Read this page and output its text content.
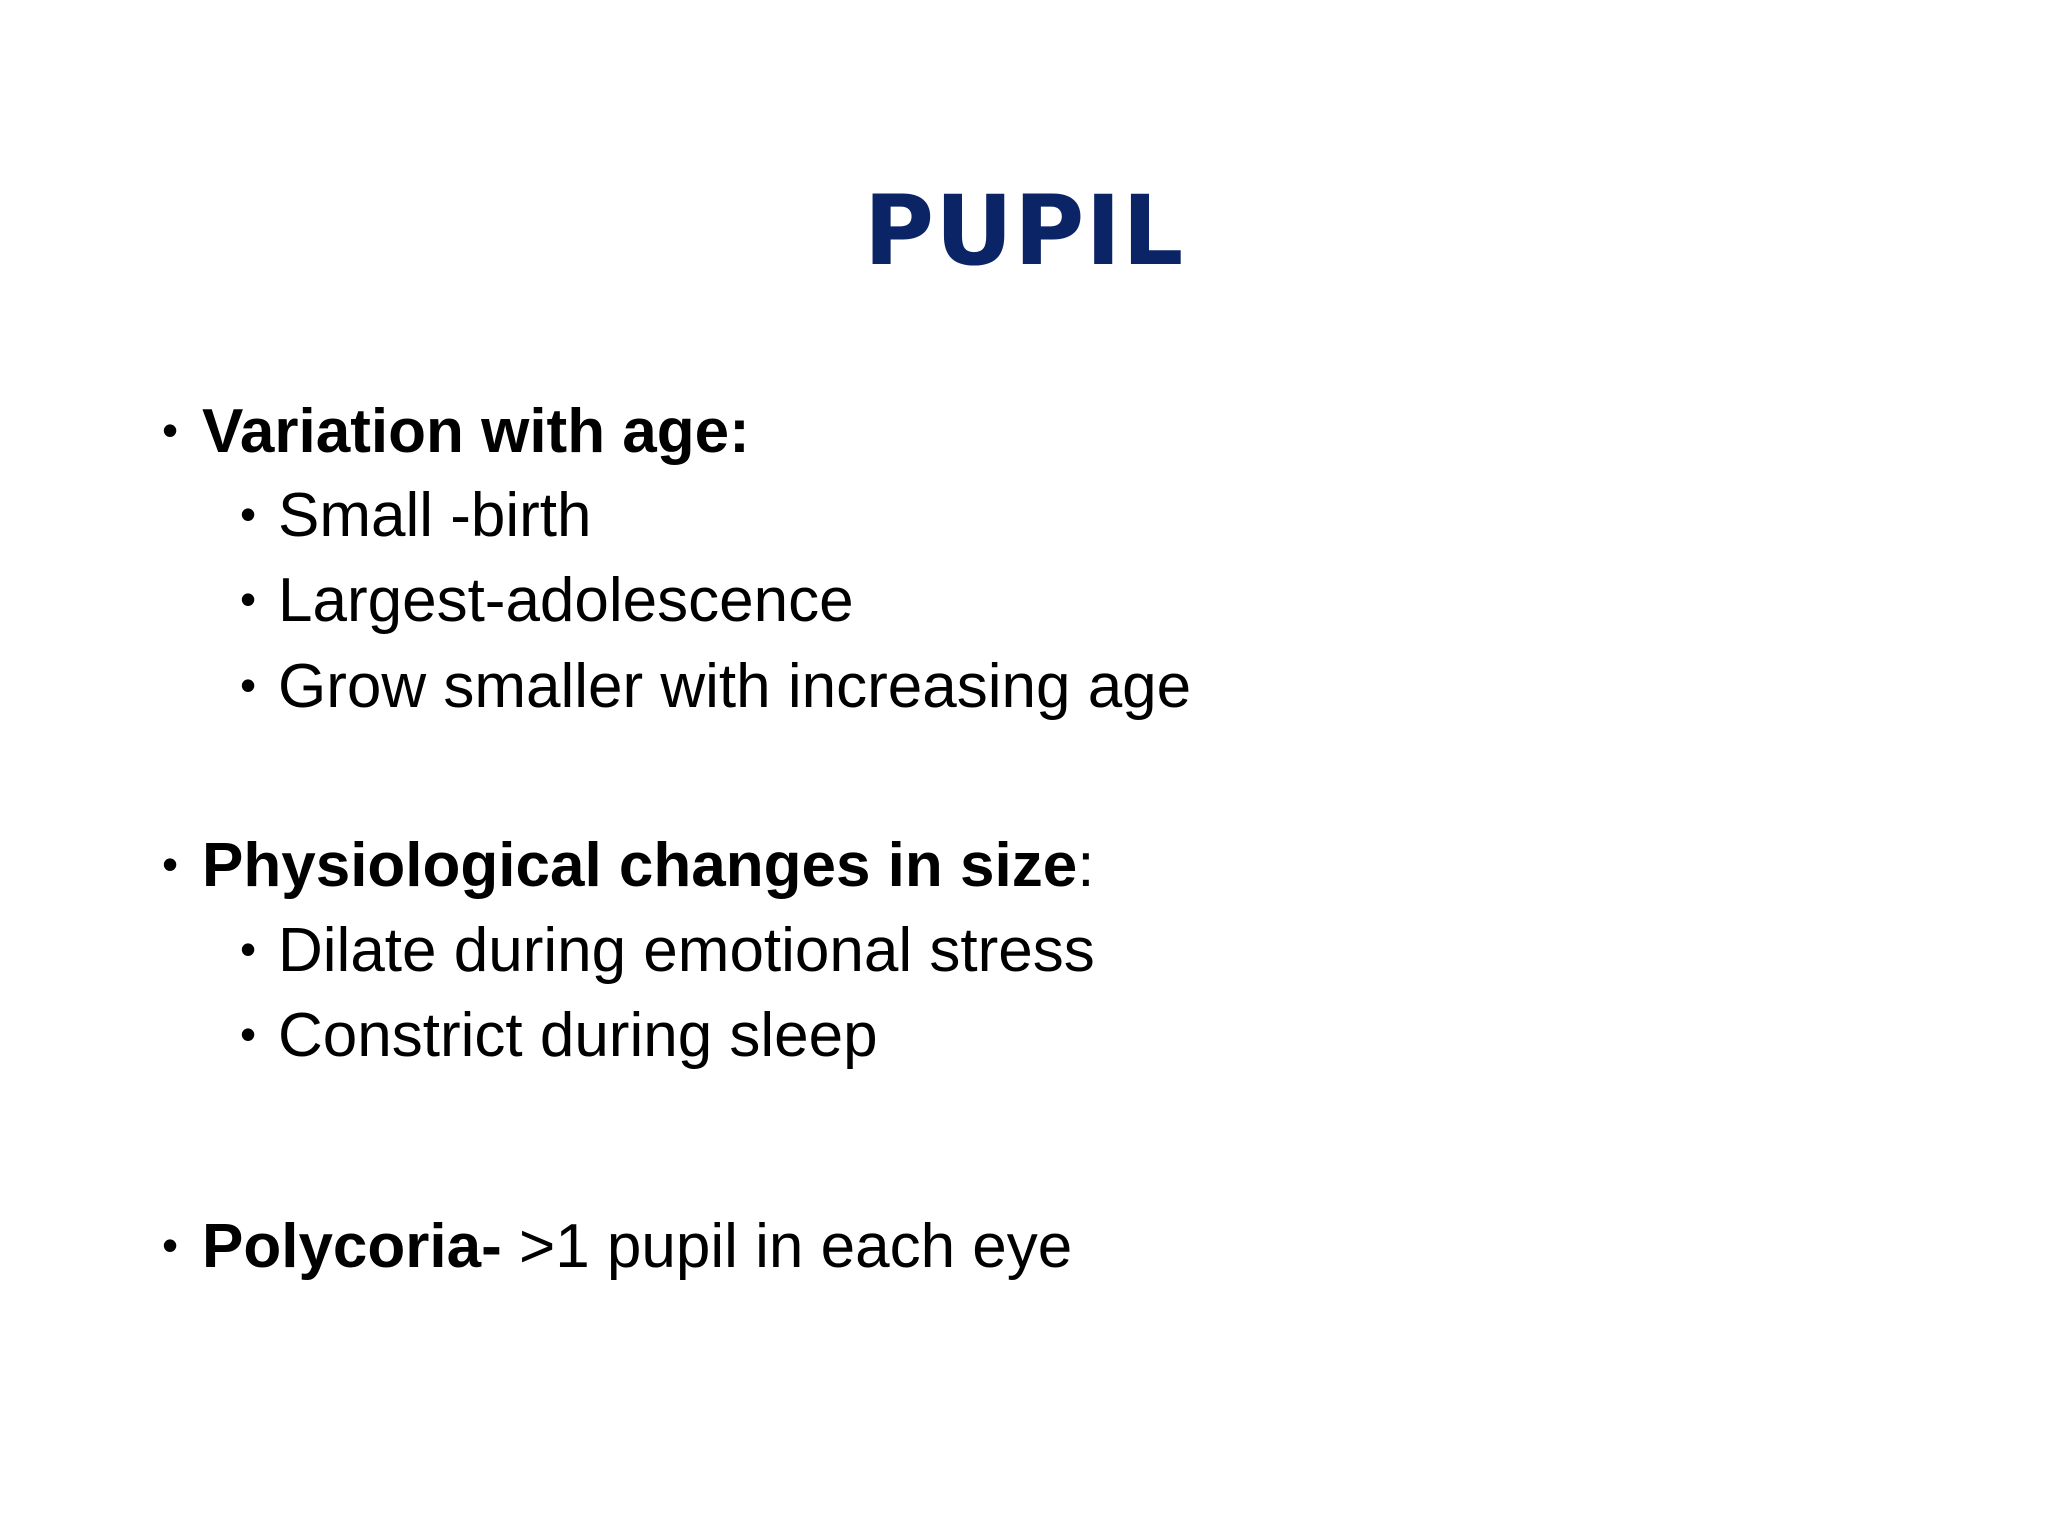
PUPIL
• Variation with age:
• Small -birth
• Largest-adolescence
• Grow smaller with increasing age
• Physiological changes in size:
• Dilate during emotional stress
• Constrict during sleep
• Polycoria- >1 pupil in each eye
